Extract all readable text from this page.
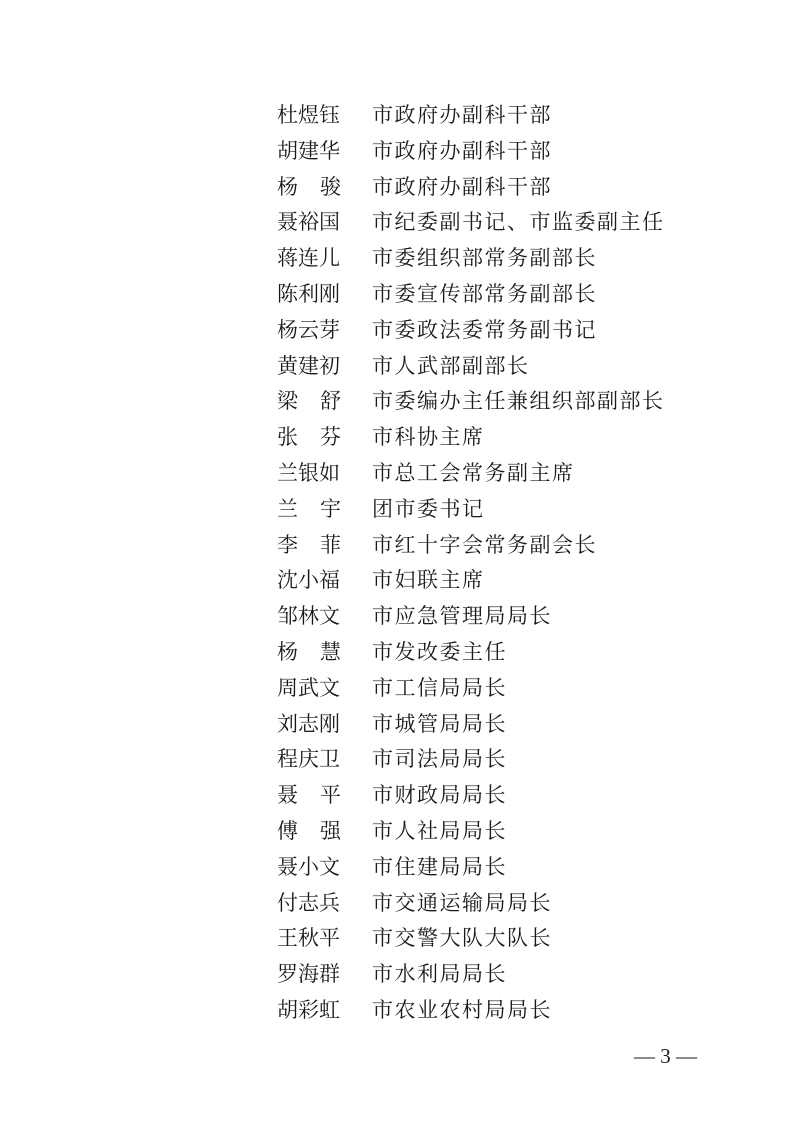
杜煜钰 市政府办副科干部
胡建华 市政府办副科干部
杨 骏 市政府办副科干部
聂裕国 市纪委副书记、市监委副主任
蒋连儿 市委组织部常务副部长
陈利刚 市委宣传部常务副部长
杨云芽 市委政法委常务副书记
黄建初 市人武部副部长
梁 舒 市委编办主任兼组织部副部长
张 芬 市科协主席
兰银如 市总工会常务副主席
兰 宇 团市委书记
李 菲 市红十字会常务副会长
沈小福 市妇联主席
邹林文 市应急管理局局长
杨 慧 市发改委主任
周武文 市工信局局长
刘志刚 市城管局局长
程庆卫 市司法局局长
聂 平 市财政局局长
傅 强 市人社局局长
聂小文 市住建局局长
付志兵 市交通运输局局长
王秋平 市交警大队大队长
罗海群 市水利局局长
胡彩虹 市农业农村局局长
— 3 —
